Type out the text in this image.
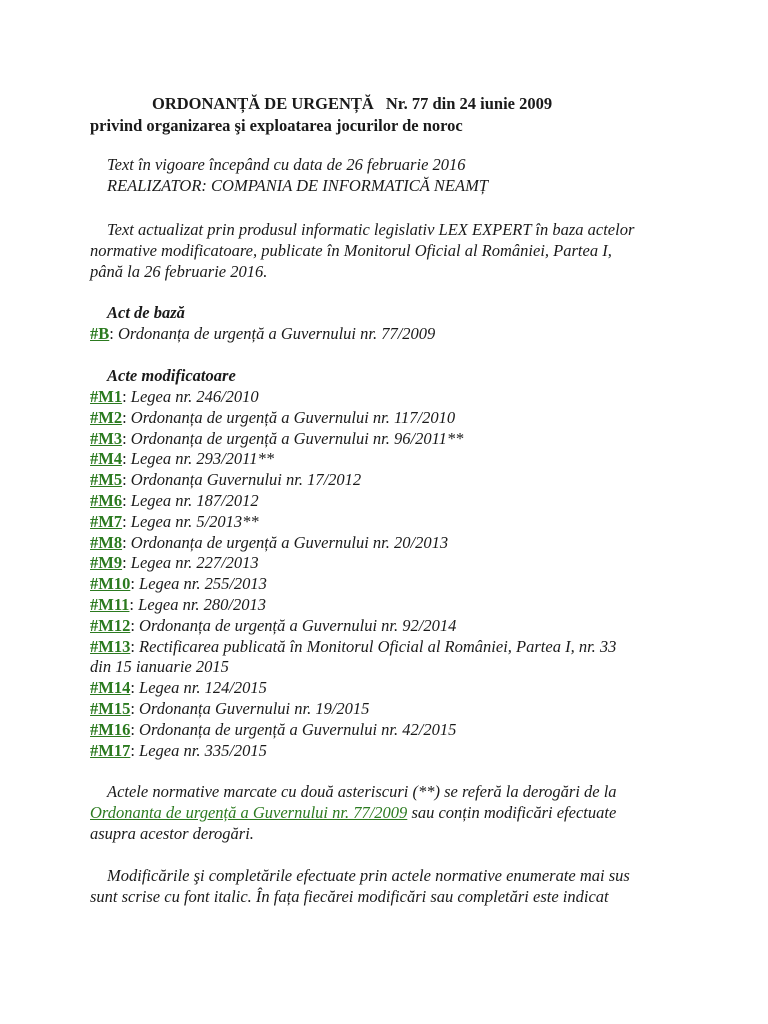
ORDONANȚĂ DE URGENȚĂ Nr. 77 din 24 iunie 2009
privind organizarea şi exploatarea jocurilor de noroc
Text în vigoare începând cu data de 26 februarie 2016
REALIZATOR: COMPANIA DE INFORMATICĂ NEAMȚ
Text actualizat prin produsul informatic legislativ LEX EXPERT în baza actelor
normative modificatoare, publicate în Monitorul Oficial al României, Partea I,
până la 26 februarie 2016.
Act de bază
#B: Ordonanța de urgență a Guvernului nr. 77/2009
Acte modificatoare
#M1: Legea nr. 246/2010
#M2: Ordonanța de urgență a Guvernului nr. 117/2010
#M3: Ordonanța de urgență a Guvernului nr. 96/2011**
#M4: Legea nr. 293/2011**
#M5: Ordonanța Guvernului nr. 17/2012
#M6: Legea nr. 187/2012
#M7: Legea nr. 5/2013**
#M8: Ordonanța de urgență a Guvernului nr. 20/2013
#M9: Legea nr. 227/2013
#M10: Legea nr. 255/2013
#M11: Legea nr. 280/2013
#M12: Ordonanța de urgență a Guvernului nr. 92/2014
#M13: Rectificarea publicată în Monitorul Oficial al României, Partea I, nr. 33
din 15 ianuarie 2015
#M14: Legea nr. 124/2015
#M15: Ordonanța Guvernului nr. 19/2015
#M16: Ordonanța de urgență a Guvernului nr. 42/2015
#M17: Legea nr. 335/2015
Actele normative marcate cu două asteriscuri (**) se referă la derogări de la
Ordonanta de urgență a Guvernului nr. 77/2009 sau conțin modificări efectuate
asupra acestor derogări.
Modificările şi completările efectuate prin actele normative enumerate mai sus
sunt scrise cu font italic. În fața fiecărei modificări sau completări este indicat
